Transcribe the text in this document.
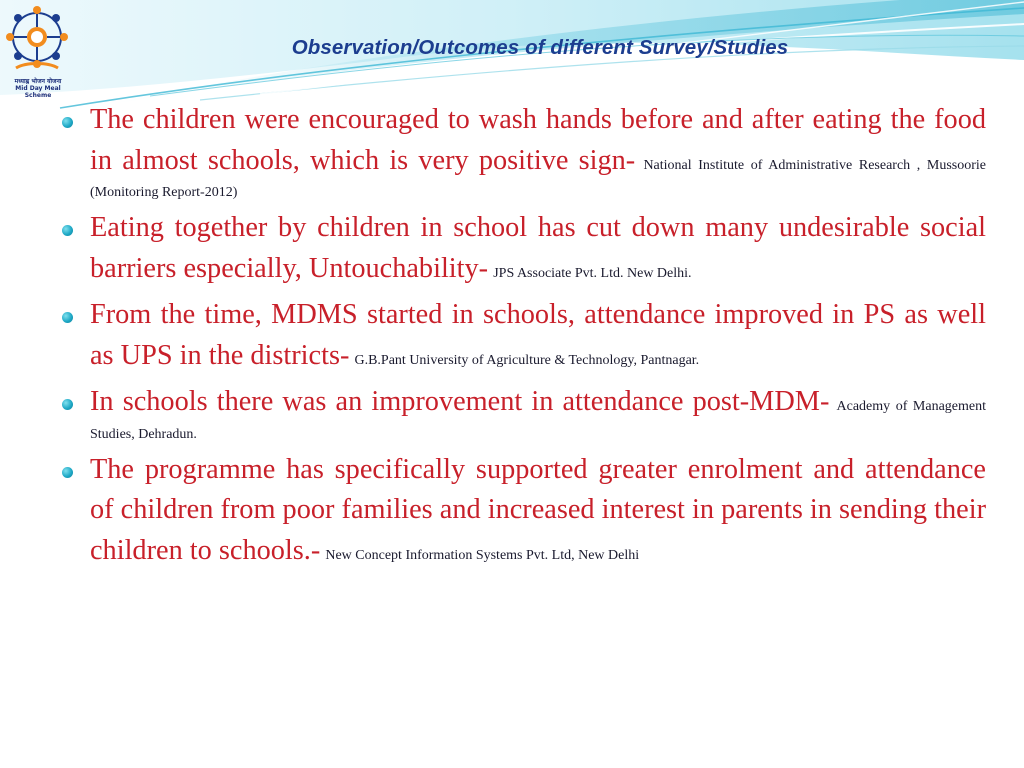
मध्याह्न भोजन योजना
Mid Day Meal Scheme
Observation/Outcomes of different Survey/Studies
The children were encouraged to wash hands before and after eating the food in almost schools, which is very positive sign- National Institute of Administrative Research , Mussoorie (Monitoring Report-2012)
Eating together by children in school has cut down many undesirable social barriers especially, Untouchability- JPS Associate Pvt. Ltd. New Delhi.
From the time, MDMS started in schools, attendance improved in PS as well as UPS in the districts- G.B.Pant University of Agriculture & Technology, Pantnagar.
In schools there was an improvement in attendance post-MDM- Academy of Management Studies, Dehradun.
The programme has specifically supported greater enrolment and attendance of children from poor families and increased interest in parents in sending their children to schools.- New Concept Information Systems Pvt. Ltd, New Delhi
